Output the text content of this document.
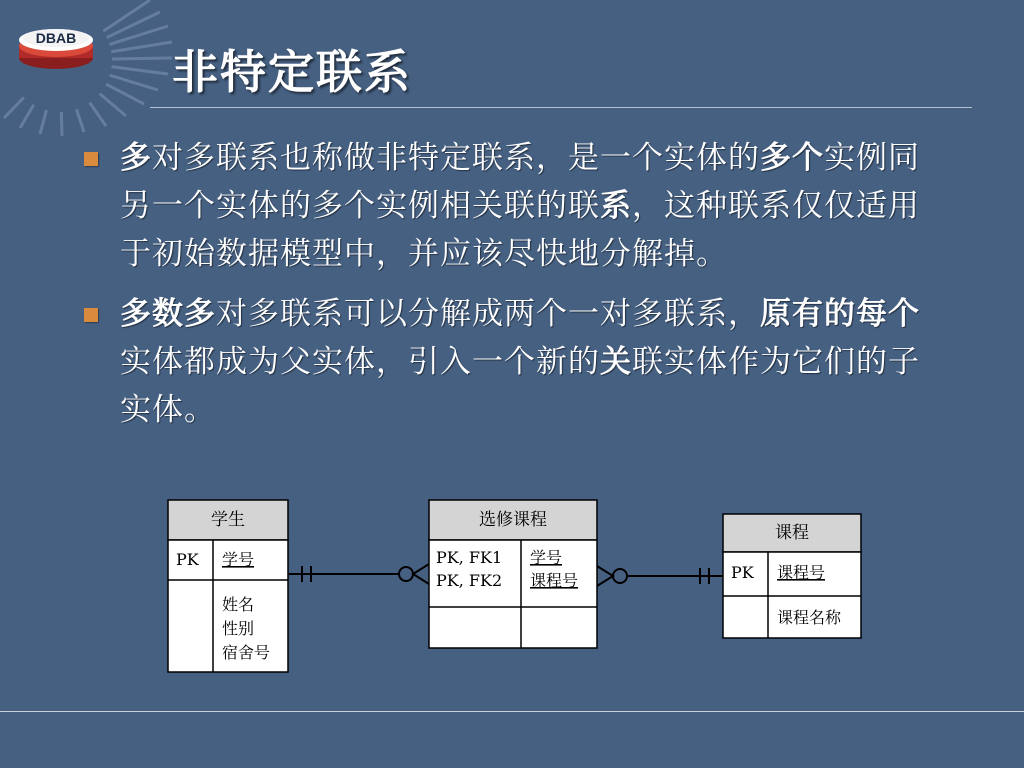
DBAB
非特定联系
多对多联系也称做非特定联系，是一个实体的多个实例同另一个实体的多个实例相关联的联系，这种联系仅仅适用于初始数据模型中，并应该尽快地分解掉。
多数多对多联系可以分解成两个一对多联系，原有的每个实体都成为父实体，引入一个新的关联实体作为它们的子实体。
学生
PK 学号
姓名
性别
宿舍号
选修课程
PK, FK1
PK, FK2
学号
课程号
课程
PK 课程号
课程名称
